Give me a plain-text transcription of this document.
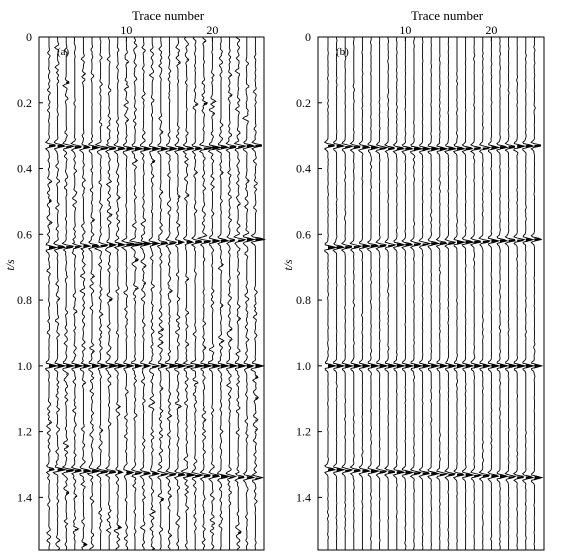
10	20
0
0.2
0.4
0.6
0.8
1.0
1.2
1.4
Trace number
t/s
(a)
10	20
0
0.2
0.4
0.6
0.8
1.0
1.2
1.4
Trace number
t/s
(b)
